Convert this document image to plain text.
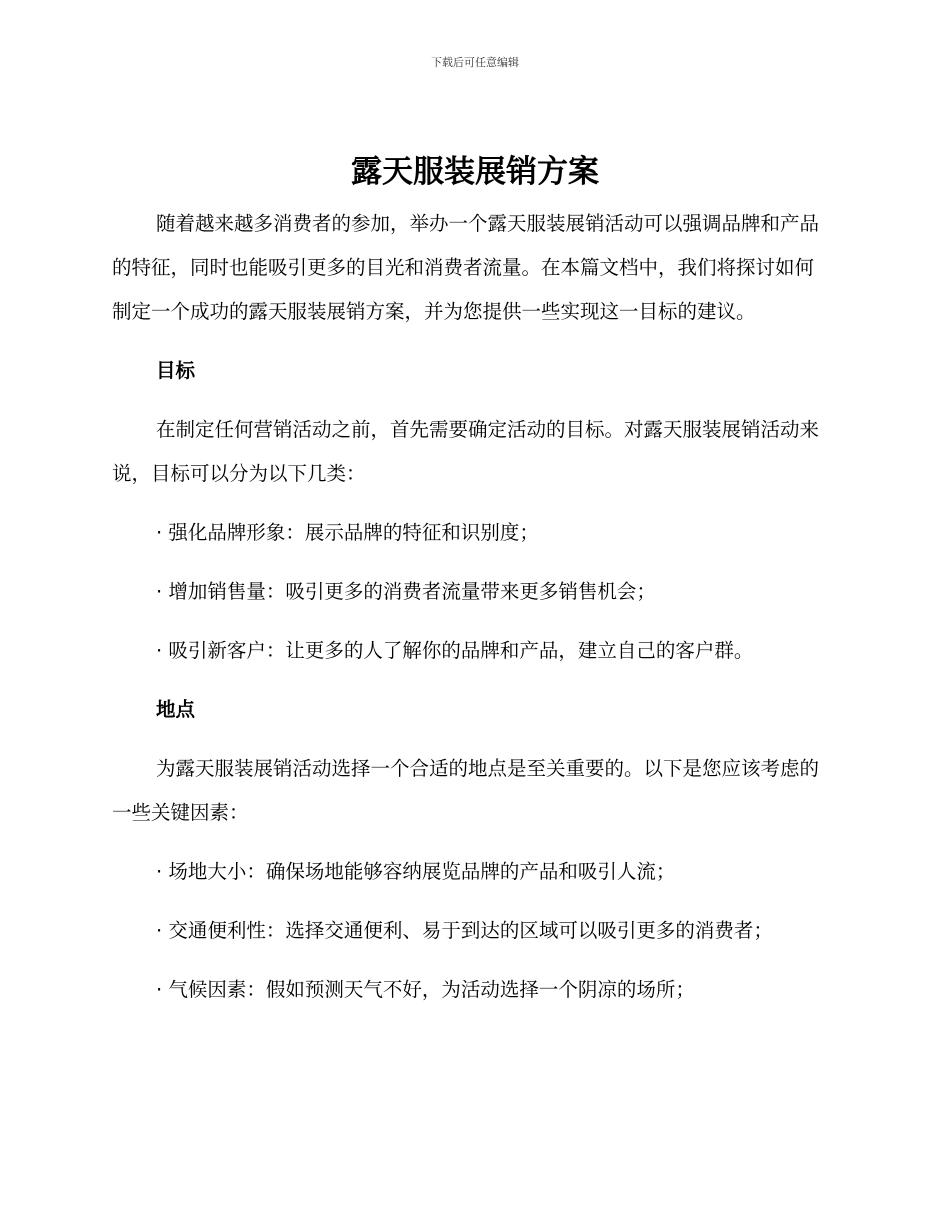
下载后可任意编辑
露天服装展销方案

随着越来越多消费者的参加，举办一个露天服装展销活动可以强调品牌和产品的特征，同时也能吸引更多的目光和消费者流量。在本篇文档中，我们将探讨如何制定一个成功的露天服装展销方案，并为您提供一些实现这一目标的建议。

目标

在制定任何营销活动之前，首先需要确定活动的目标。对露天服装展销活动来说，目标可以分为以下几类：

· 强化品牌形象：展示品牌的特征和识别度；

· 增加销售量：吸引更多的消费者流量带来更多销售机会；

· 吸引新客户：让更多的人了解你的品牌和产品，建立自己的客户群。

地点

为露天服装展销活动选择一个合适的地点是至关重要的。以下是您应该考虑的一些关键因素：

· 场地大小：确保场地能够容纳展览品牌的产品和吸引人流；

· 交通便利性：选择交通便利、易于到达的区域可以吸引更多的消费者；

· 气候因素：假如预测天气不好，为活动选择一个阴凉的场所；
